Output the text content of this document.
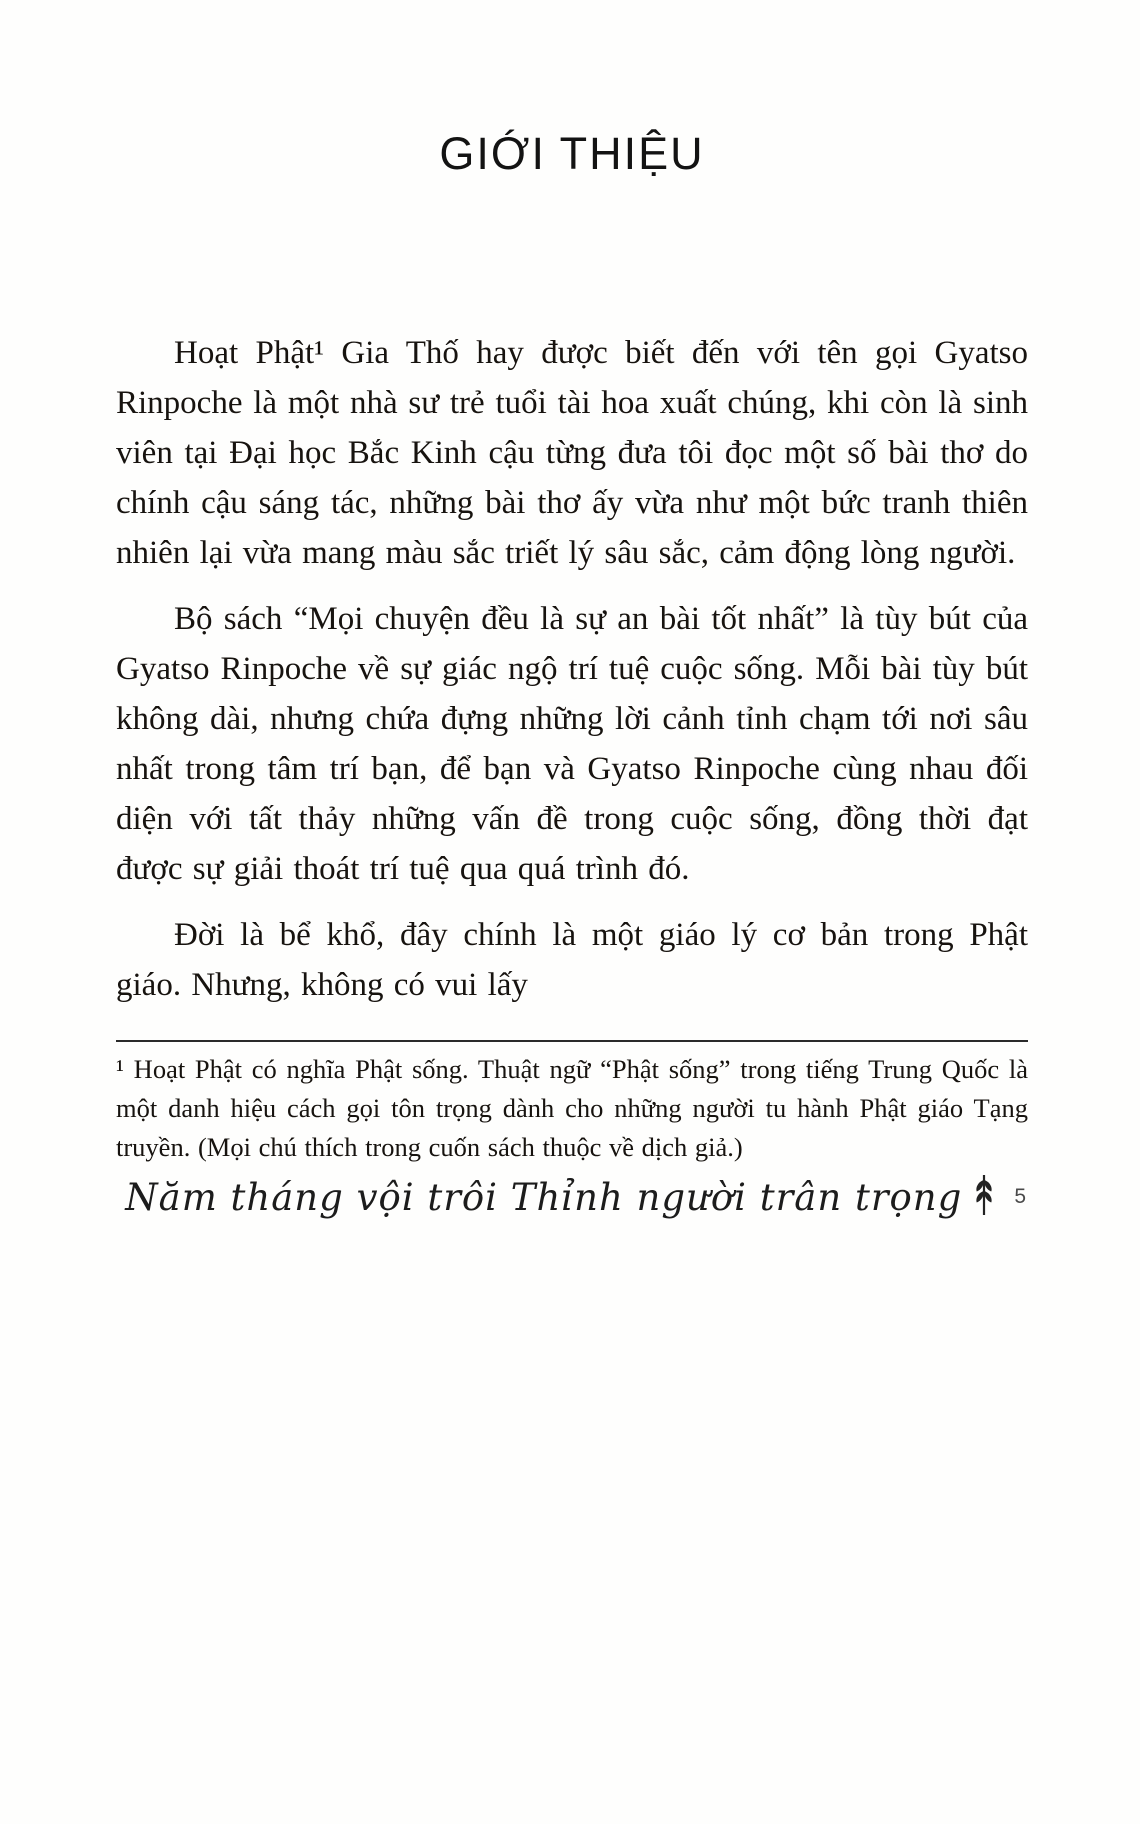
GIỚI THIỆU

Hoạt Phật¹ Gia Thố hay được biết đến với tên gọi Gyatso Rinpoche là một nhà sư trẻ tuổi tài hoa xuất chúng, khi còn là sinh viên tại Đại học Bắc Kinh cậu từng đưa tôi đọc một số bài thơ do chính cậu sáng tác, những bài thơ ấy vừa như một bức tranh thiên nhiên lại vừa mang màu sắc triết lý sâu sắc, cảm động lòng người.

Bộ sách “Mọi chuyện đều là sự an bài tốt nhất” là tùy bút của Gyatso Rinpoche về sự giác ngộ trí tuệ cuộc sống. Mỗi bài tùy bút không dài, nhưng chứa đựng những lời cảnh tỉnh chạm tới nơi sâu nhất trong tâm trí bạn, để bạn và Gyatso Rinpoche cùng nhau đối diện với tất thảy những vấn đề trong cuộc sống, đồng thời đạt được sự giải thoát trí tuệ qua quá trình đó.

Đời là bể khổ, đây chính là một giáo lý cơ bản trong Phật giáo. Nhưng, không có vui lấy

¹ Hoạt Phật có nghĩa Phật sống. Thuật ngữ “Phật sống” trong tiếng Trung Quốc là một danh hiệu cách gọi tôn trọng dành cho những người tu hành Phật giáo Tạng truyền. (Mọi chú thích trong cuốn sách thuộc về dịch giả.)

Năm tháng vội trôi Thỉnh người trân trọng 5
